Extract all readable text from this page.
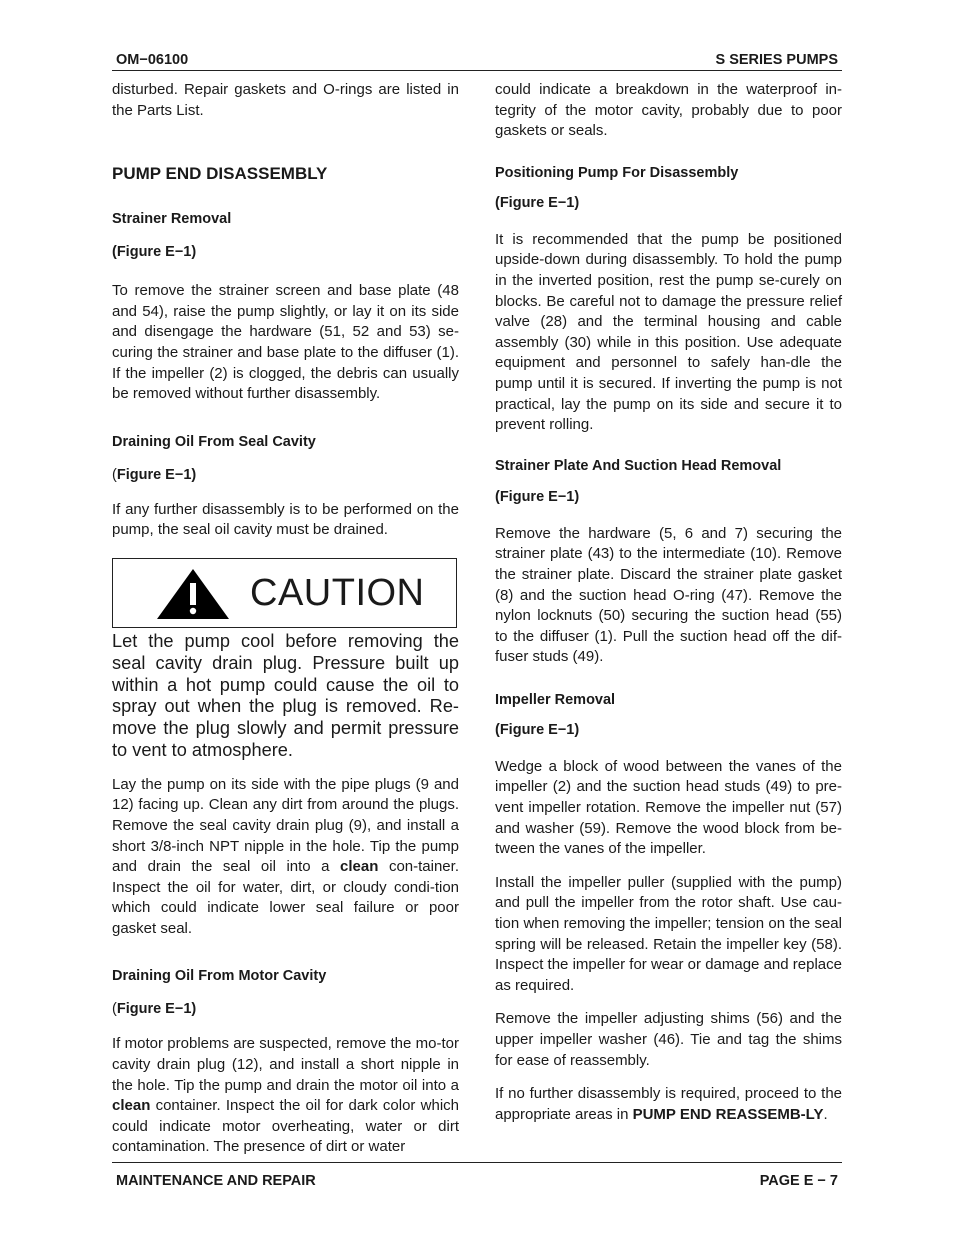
OM−06100	S SERIES PUMPS

disturbed. Repair gaskets and O-rings are listed in the Parts List.

PUMP END DISASSEMBLY
Strainer Removal
(Figure E−1)

To remove the strainer screen and base plate (48 and 54), raise the pump slightly, or lay it on its side and disengage the hardware (51, 52 and 53) se-curing the strainer and base plate to the diffuser (1). If the impeller (2) is clogged, the debris can usually be removed without further disassembly.

Draining Oil From Seal Cavity
(Figure E−1)

If any further disassembly is to be performed on the pump, the seal oil cavity must be drained.

CAUTION

Let the pump cool before removing the seal cavity drain plug. Pressure built up within a hot pump could cause the oil to spray out when the plug is removed. Re-move the plug slowly and permit pressure to vent to atmosphere.

Lay the pump on its side with the pipe plugs (9 and 12) facing up. Clean any dirt from around the plugs. Remove the seal cavity drain plug (9), and install a short 3/8-inch NPT nipple in the hole. Tip the pump and drain the seal oil into a clean con-tainer. Inspect the oil for water, dirt, or cloudy condi-tion which could indicate lower seal failure or poor gasket seal.

Draining Oil From Motor Cavity
(Figure E−1)

If motor problems are suspected, remove the mo-tor cavity drain plug (12), and install a short nipple in the hole. Tip the pump and drain the motor oil into a clean container. Inspect the oil for dark color which could indicate motor overheating, water or dirt contamination. The presence of dirt or water

could indicate a breakdown in the waterproof in-tegrity of the motor cavity, probably due to poor gaskets or seals.

Positioning Pump For Disassembly
(Figure E−1)

It is recommended that the pump be positioned upside-down during disassembly. To hold the pump in the inverted position, rest the pump se-curely on blocks. Be careful not to damage the pressure relief valve (28) and the terminal housing and cable assembly (30) while in this position. Use adequate equipment and personnel to safely han-dle the pump until it is secured. If inverting the pump is not practical, lay the pump on its side and secure it to prevent rolling.

Strainer Plate And Suction Head Removal
(Figure E−1)

Remove the hardware (5, 6 and 7) securing the strainer plate (43) to the intermediate (10). Remove the strainer plate. Discard the strainer plate gasket (8) and the suction head O-ring (47). Remove the nylon locknuts (50) securing the suction head (55) to the diffuser (1). Pull the suction head off the dif-fuser studs (49).

Impeller Removal
(Figure E−1)

Wedge a block of wood between the vanes of the impeller (2) and the suction head studs (49) to pre-vent impeller rotation. Remove the impeller nut (57) and washer (59). Remove the wood block from be-tween the vanes of the impeller.

Install the impeller puller (supplied with the pump) and pull the impeller from the rotor shaft. Use cau-tion when removing the impeller; tension on the seal spring will be released. Retain the impeller key (58). Inspect the impeller for wear or damage and replace as required.

Remove the impeller adjusting shims (56) and the upper impeller washer (46). Tie and tag the shims for ease of reassembly.

If no further disassembly is required, proceed to the appropriate areas in PUMP END REASSEMB-LY.

MAINTENANCE AND REPAIR	PAGE E − 7
